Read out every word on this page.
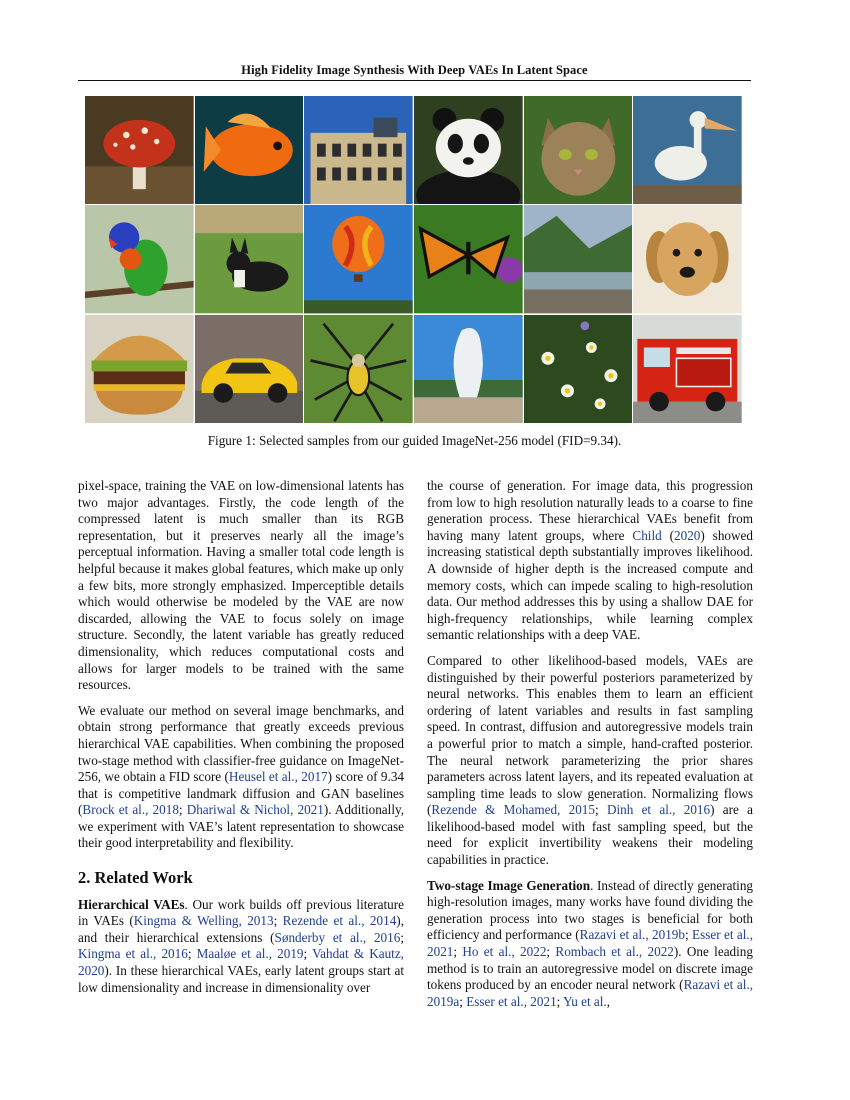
High Fidelity Image Synthesis With Deep VAEs In Latent Space
Figure 1: Selected samples from our guided ImageNet-256 model (FID=9.34).

pixel-space, training the VAE on low-dimensional latents has two major advantages. Firstly, the code length of the compressed latent is much smaller than its RGB representation, but it preserves nearly all the image’s perceptual information. Having a smaller total code length is helpful because it makes global features, which make up only a few bits, more strongly emphasized. Imperceptible details which would otherwise be modeled by the VAE are now discarded, allowing the VAE to focus solely on image structure. Secondly, the latent variable has greatly reduced dimensionality, which reduces computational costs and allows for larger models to be trained with the same resources.

We evaluate our method on several image benchmarks, and obtain strong performance that greatly exceeds previous hierarchical VAE capabilities. When combining the proposed two-stage method with classifier-free guidance on ImageNet-256, we obtain a FID score (Heusel et al., 2017) score of 9.34 that is competitive landmark diffusion and GAN baselines (Brock et al., 2018; Dhariwal & Nichol, 2021). Additionally, we experiment with VAE’s latent representation to showcase their good interpretability and flexibility.

2. Related Work

Hierarchical VAEs. Our work builds off previous literature in VAEs (Kingma & Welling, 2013; Rezende et al., 2014), and their hierarchical extensions (Sønderby et al., 2016; Kingma et al., 2016; Maaløe et al., 2019; Vahdat & Kautz, 2020). In these hierarchical VAEs, early latent groups start at low dimensionality and increase in dimensionality over

the course of generation. For image data, this progression from low to high resolution naturally leads to a coarse to fine generation process. These hierarchical VAEs benefit from having many latent groups, where Child (2020) showed increasing statistical depth substantially improves likelihood. A downside of higher depth is the increased compute and memory costs, which can impede scaling to high-resolution data. Our method addresses this by using a shallow DAE for high-frequency relationships, while learning complex semantic relationships with a deep VAE.

Compared to other likelihood-based models, VAEs are distinguished by their powerful posteriors parameterized by neural networks. This enables them to learn an efficient ordering of latent variables and results in fast sampling speed. In contrast, diffusion and autoregressive models train a powerful prior to match a simple, hand-crafted posterior. The neural network parameterizing the prior shares parameters across latent layers, and its repeated evaluation at sampling time leads to slow generation. Normalizing flows (Rezende & Mohamed, 2015; Dinh et al., 2016) are a likelihood-based model with fast sampling speed, but the need for explicit invertibility weakens their modeling capabilities in practice.

Two-stage Image Generation. Instead of directly generating high-resolution images, many works have found dividing the generation process into two stages is beneficial for both efficiency and performance (Razavi et al., 2019b; Esser et al., 2021; Ho et al., 2022; Rombach et al., 2022). One leading method is to train an autoregressive model on discrete image tokens produced by an encoder neural network (Razavi et al., 2019a; Esser et al., 2021; Yu et al.,
